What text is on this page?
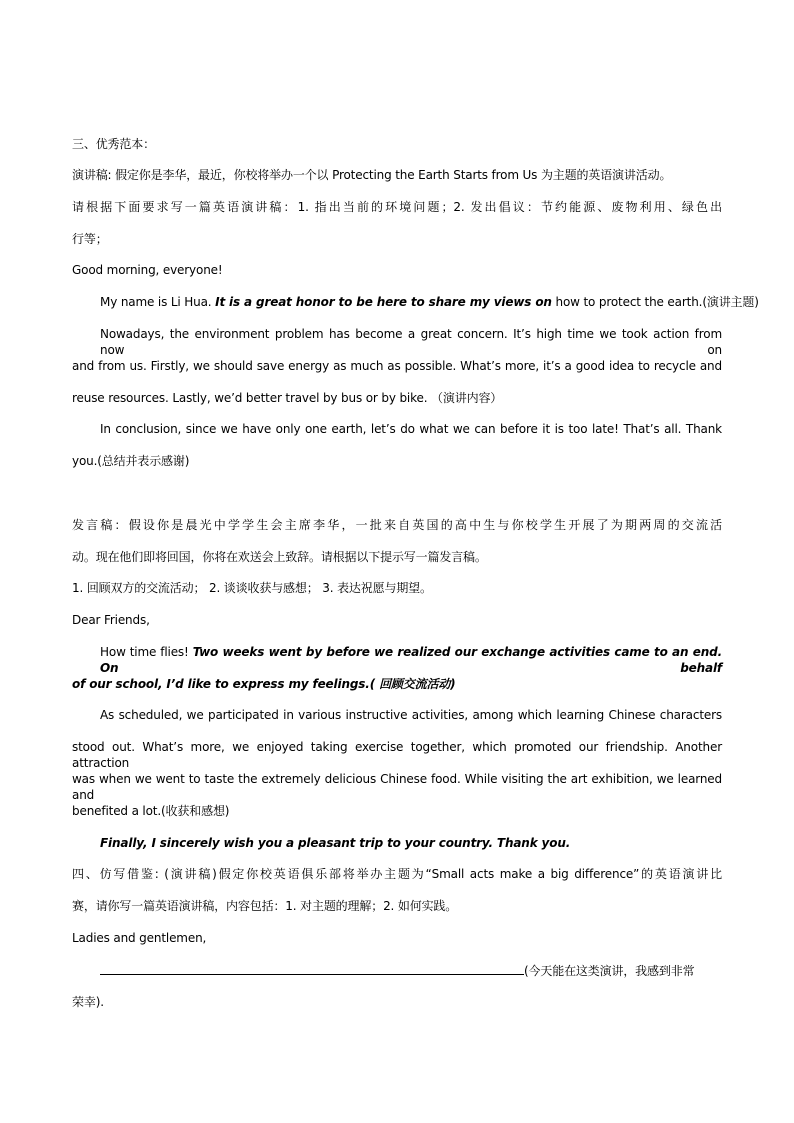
三、优秀范本：
演讲稿: 假定你是李华，最近，你校将举办一个以 Protecting the Earth Starts from Us 为主题的英语演讲活动。
请根据下面要求写一篇英语演讲稿：1. 指出当前的环境问题；2. 发出倡议：节约能源、废物利用、绿色出
行等；
Good morning, everyone!
My name is Li Hua. It is a great honor to be here to share my views on how to protect the earth.(演讲主题)
Nowadays, the environment problem has become a great concern. It’s high time we took action from now on
and from us. Firstly, we should save energy as much as possible. What’s more, it’s a good idea to recycle and
reuse resources. Lastly, we’d better travel by bus or by bike. （演讲内容）
In conclusion, since we have only one earth, let’s do what we can before it is too late! That’s all. Thank
you.(总结并表示感谢)
发言稿：假设你是晨光中学学生会主席李华，一批来自英国的高中生与你校学生开展了为期两周的交流活
动。现在他们即将回国，你将在欢送会上致辞。请根据以下提示写一篇发言稿。
1. 回顾双方的交流活动； 2. 谈谈收获与感想； 3. 表达祝愿与期望。
Dear Friends,
How time flies! Two weeks went by before we realized our exchange activities came to an end. On behalf
of our school, I’d like to express my feelings.( 回顾交流活动)
As scheduled, we participated in various instructive activities, among which learning Chinese characters
stood out. What’s more, we enjoyed taking exercise together, which promoted our friendship. Another attraction
was when we went to taste the extremely delicious Chinese food. While visiting the art exhibition, we learned and
benefited a lot.(收获和感想)
Finally, I sincerely wish you a pleasant trip to your country. Thank you.
四、仿写借鉴: (演讲稿)假定你校英语俱乐部将举办主题为“Small acts make a big difference”的英语演讲比
赛，请你写一篇英语演讲稿，内容包括：1. 对主题的理解；2. 如何实践。
Ladies and gentlemen,
(今天能在这类演讲，我感到非常
荣幸).
